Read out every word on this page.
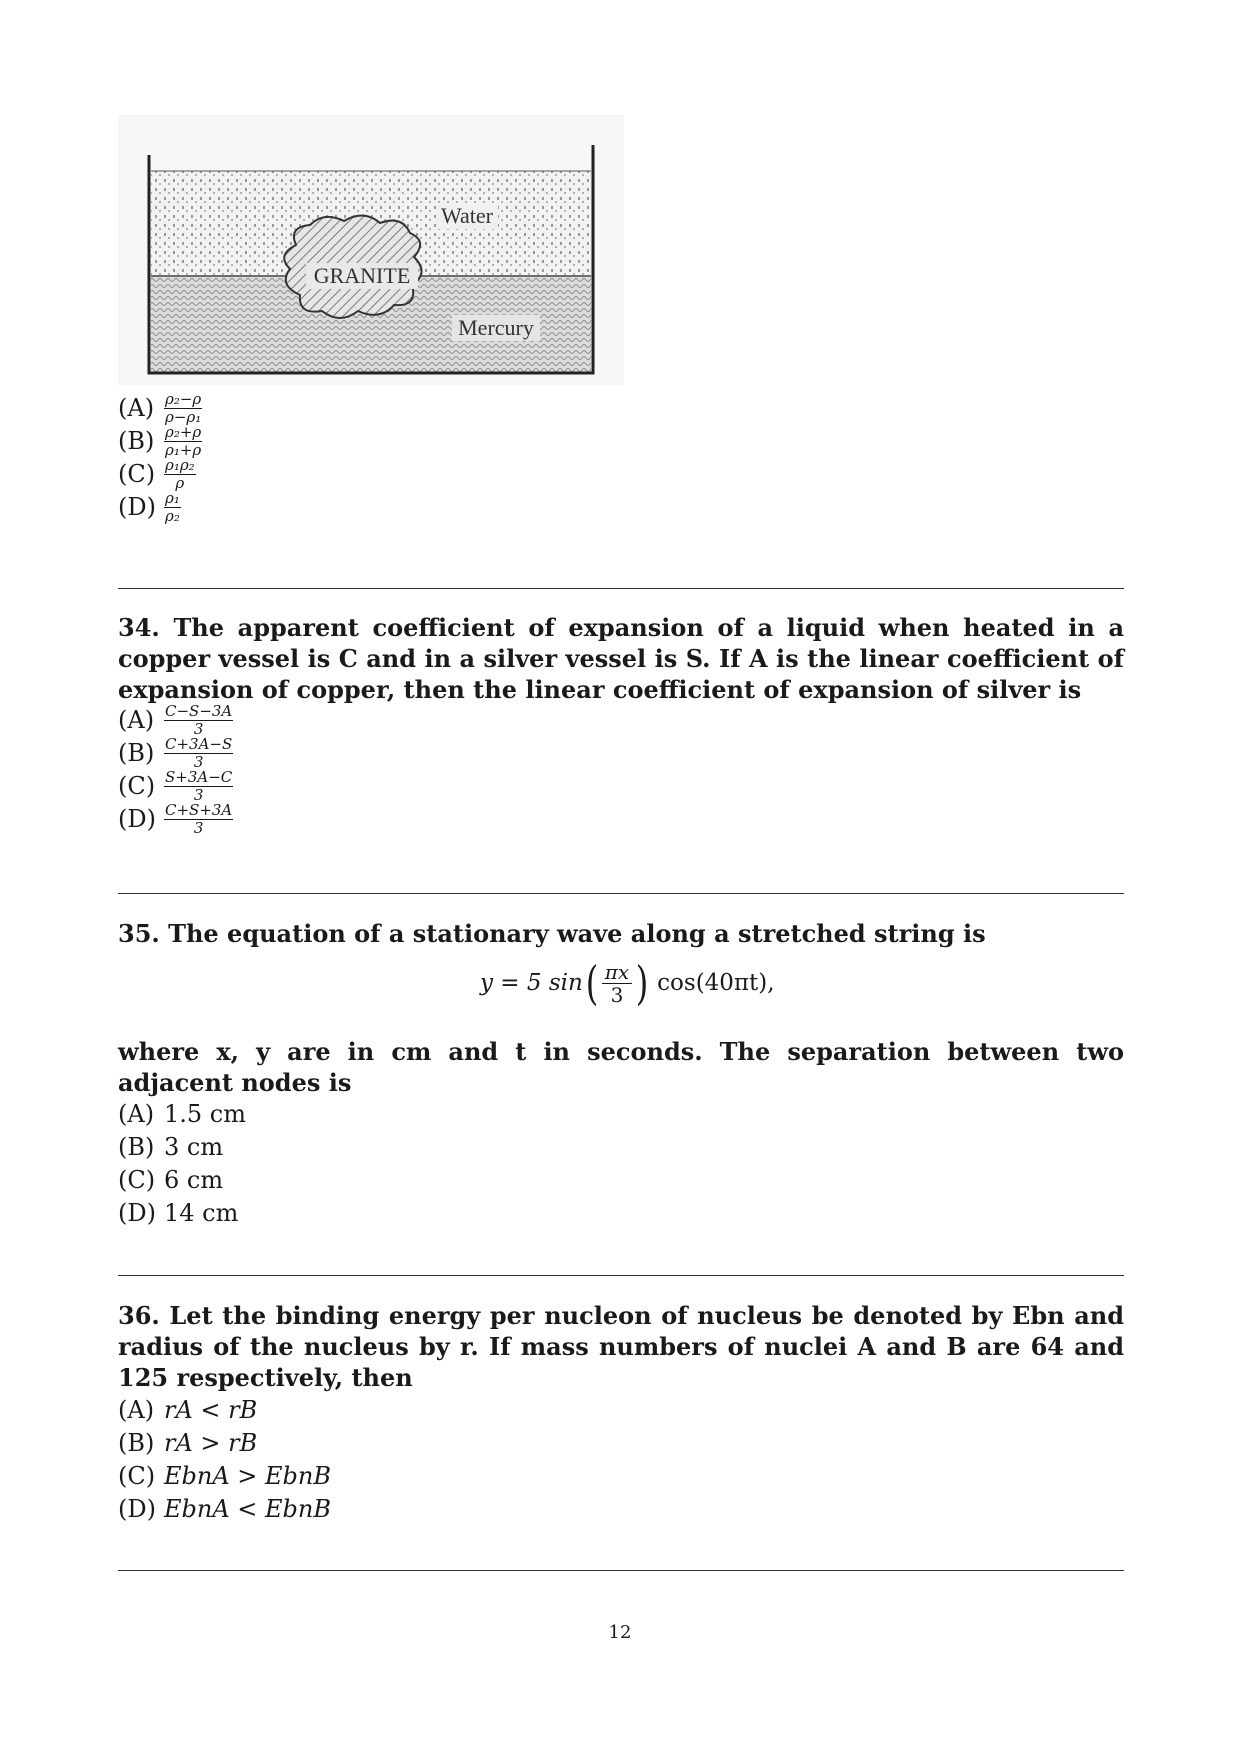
GRANITE
Water
Mercury
$(A) \frac{\text{ρ₂−ρ}}{\text{ρ−ρ₁}}$
$(B) \frac{\text{ρ₂+ρ}}{\text{ρ₁+ρ}}$
$(C) \frac{\text{ρ₁ρ₂}}{\rho}$
$(D) \frac{\text{ρ₁}}{\text{ρ₂}}$
34. The apparent coefficient of expansion of a liquid when heated in a copper vessel is C and in a silver vessel is S. If A is the linear coefficient of expansion of copper, then the linear coefficient of expansion of silver is
$(A) \frac{C-S-3A}{3}$
$(B) \frac{C+3A-S}{3}$
$(C) \frac{S+3A-C}{3}$
$(D) \frac{C+S+3A}{3}$
35. The equation of a stationary wave along a stretched string is
y = 5 sin ( $\frac{\pi x}{3}$ ) cos(40πt),
where x, y are in cm and t in seconds. The separation between two adjacent nodes is
(A) 1.5 cm
(B) 3 cm
(C) 6 cm
(D) 14 cm
36. Let the binding energy per nucleon of nucleus be denoted by Ebn and radius of the nucleus by r. If mass numbers of nuclei A and B are 64 and 125 respectively, then
(A) rA < rB
(B) rA > rB
(C) EbnA > EbnB
(D) EbnA < EbnB
12
